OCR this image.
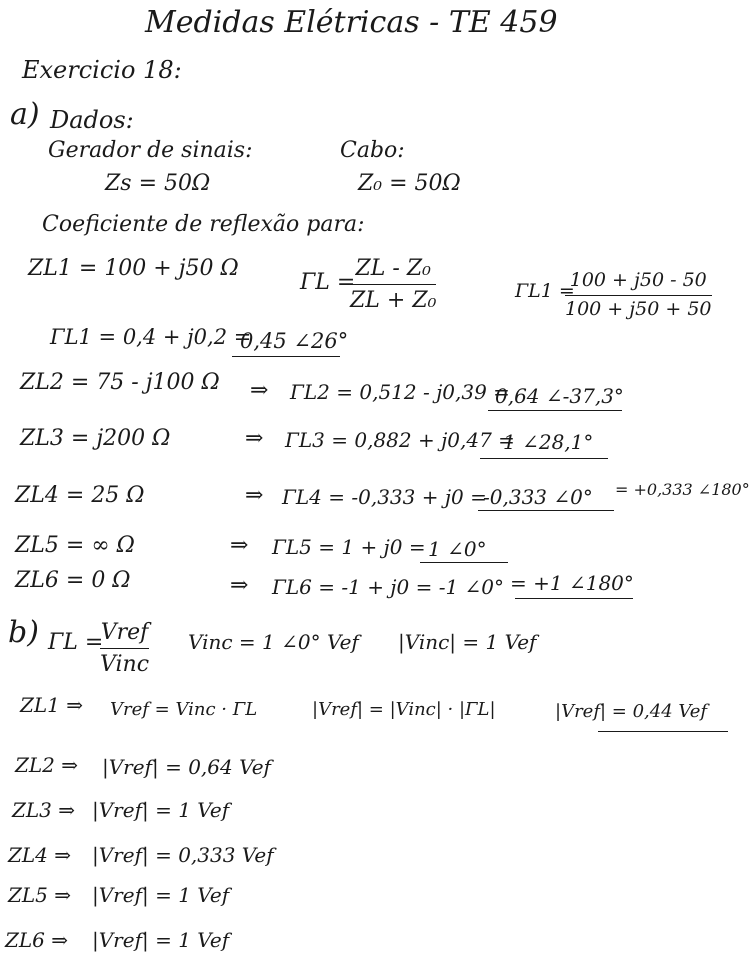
Medidas Elétricas - TE 459
Exercicio 18:
a) Dados:
Gerador de sinais:	Cabo:
Zs = 50Ω	Z₀ = 50Ω
Coeficiente de reflexão para:
ZL1 = 100 + j50 Ω
ΓL =
ZL - Z₀
ZL + Z₀	ΓL1 =
100 + j50 - 50
100 + j50 + 50
ΓL1 = 0,4 + j0,2 =
0,45 ∠26°
ZL2 = 75 - j100 Ω ⇒ ΓL2 = 0,512 - j0,39 =
0,64 ∠-37,3°
ZL3 = j200 Ω	⇒ ΓL3 = 0,882 + j0,47 =
1 ∠28,1°
ZL4 = 25 Ω	⇒ ΓL4 = -0,333 + j0 =
-0,333 ∠0° = +0,333 ∠180°
ZL5 = ∞ Ω	⇒ ΓL5 = 1 + j0 = 1 ∠0°
ZL6 = 0 Ω	⇒ ΓL6 = -1 + j0 = -1 ∠0° = +1 ∠180°
b) ΓL =
Vref
Vinc
Vinc = 1 ∠0° Vef |Vinc| = 1 Vef
ZL1 ⇒ Vref = Vinc · ΓL	|Vref| = |Vinc| · |ΓL|	|Vref| = 0,44 Vef
ZL2 ⇒ |Vref| = 0,64 Vef
ZL3 ⇒ |Vref| = 1 Vef
ZL4 ⇒ |Vref| = 0,333 Vef
ZL5 ⇒ |Vref| = 1 Vef
ZL6 ⇒ |Vref| = 1 Vef
